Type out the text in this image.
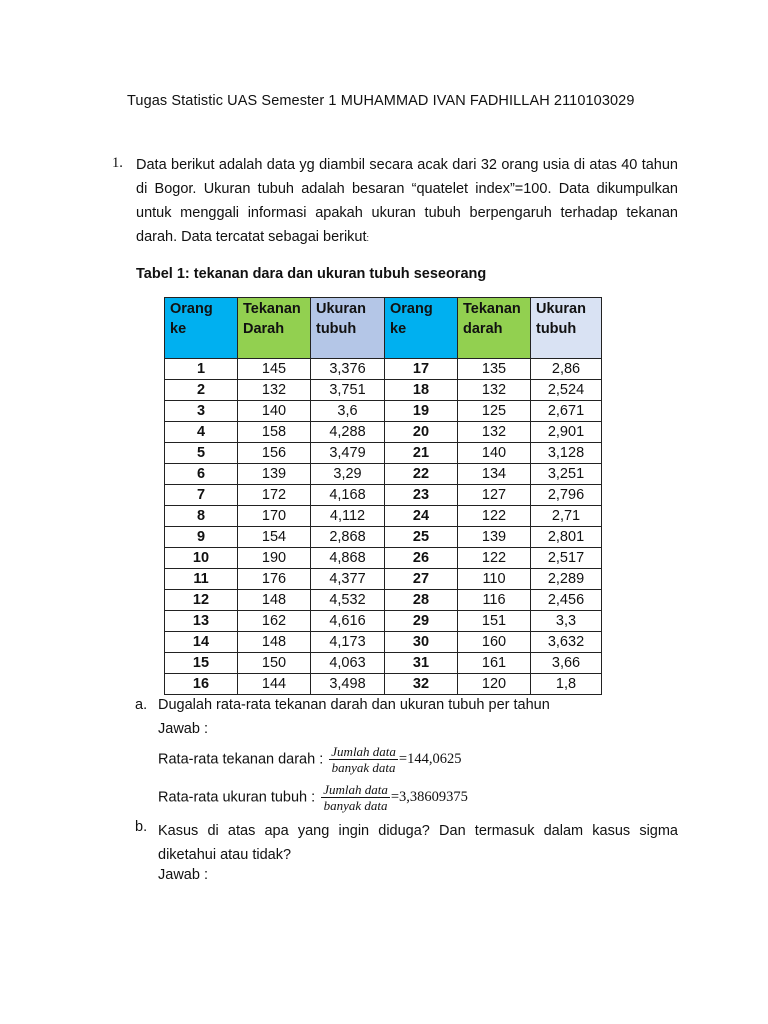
Tugas Statistic UAS Semester 1 MUHAMMAD IVAN FADHILLAH 2110103029
1. Data berikut adalah data yg diambil secara acak dari 32 orang usia di atas 40 tahun di Bogor. Ukuran tubuh adalah besaran “quatelet index”=100. Data dikumpulkan untuk menggali informasi apakah ukuran tubuh berpengaruh terhadap tekanan darah. Data tercatat sebagai berikut:
Tabel 1: tekanan dara dan ukuran tubuh seseorang
Orang ke	Tekanan Darah	Ukuran tubuh	Orang ke	Tekanan darah	Ukuran tubuh
1	145	3,376	17	135	2,86
2	132	3,751	18	132	2,524
3	140	3,6	19	125	2,671
4	158	4,288	20	132	2,901
5	156	3,479	21	140	3,128
6	139	3,29	22	134	3,251
7	172	4,168	23	127	2,796
8	170	4,112	24	122	2,71
9	154	2,868	25	139	2,801
10	190	4,868	26	122	2,517
11	176	4,377	27	110	2,289
12	148	4,532	28	116	2,456
13	162	4,616	29	151	3,3
14	148	4,173	30	160	3,632
15	150	4,063	31	161	3,66
16	144	3,498	32	120	1,8
a. Dugalah rata-rata tekanan darah dan ukuran tubuh per tahun
Jawab :
Rata-rata tekanan darah : $\frac{\text{Jumlah data}}{\text{banyak data}} =144,0625$
Rata-rata ukuran tubuh : $\frac{\text{Jumlah data}}{\text{banyak data}} =3,38609375$
b. Kasus di atas apa yang ingin diduga? Dan termasuk dalam kasus sigma diketahui atau tidak?
Jawab :
